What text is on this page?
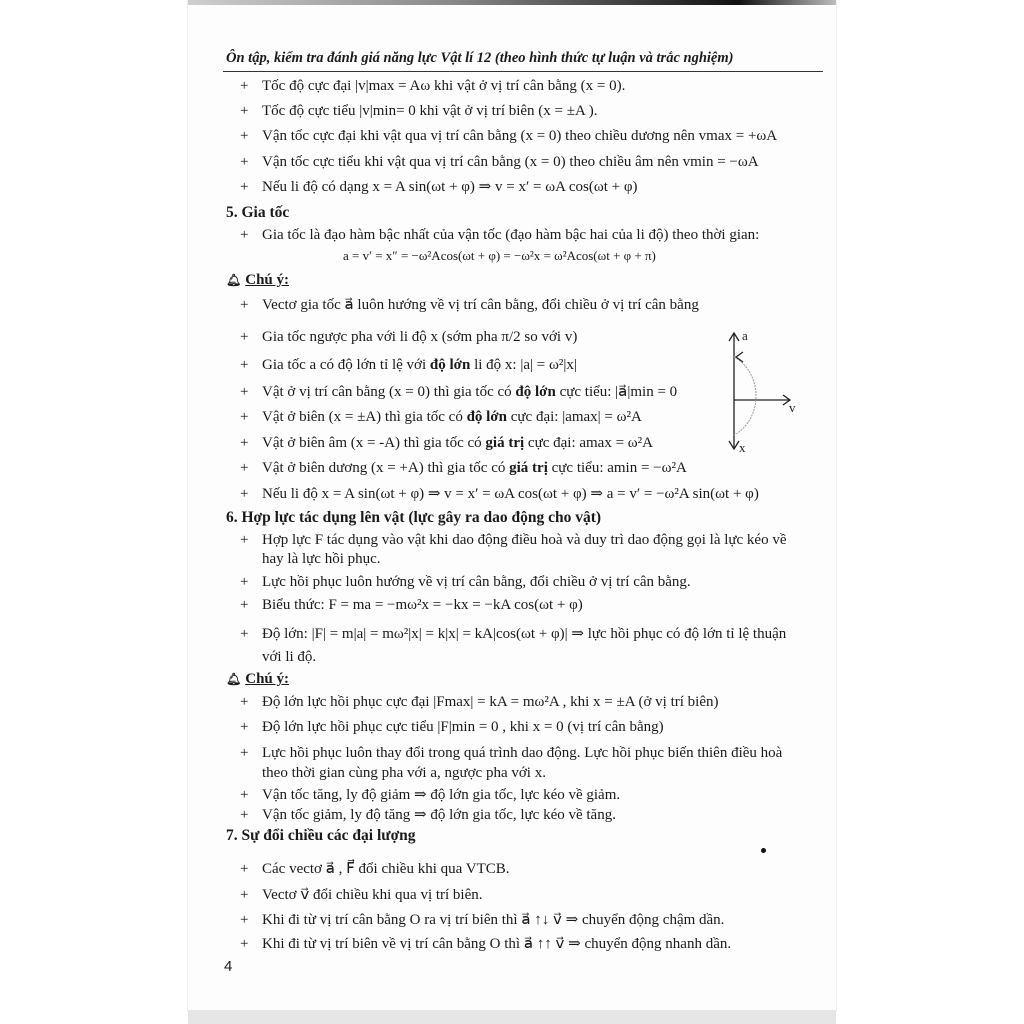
Ôn tập, kiểm tra đánh giá năng lực Vật lí 12 (theo hình thức tự luận và trắc nghiệm)
+ Tốc độ cực đại |v|max = Aω khi vật ở vị trí cân bằng (x = 0).
+ Tốc độ cực tiểu |v|min= 0 khi vật ở vị trí biên (x = ±A ).
+ Vận tốc cực đại khi vật qua vị trí cân bằng (x = 0) theo chiều dương nên vmax = +ωA
+ Vận tốc cực tiểu khi vật qua vị trí cân bằng (x = 0) theo chiều âm nên vmin = −ωA
+ Nếu li độ có dạng x = A sin(ωt + φ) ⇒ v = x′ = ωA cos(ωt + φ)
5. Gia tốc
+ Gia tốc là đạo hàm bậc nhất của vận tốc (đạo hàm bậc hai của li độ) theo thời gian:
a = v′ = x″ = −ω²Acos(ωt + φ) = −ω²x = ω²Acos(ωt + φ + π)
🔔︎ Chú ý:
+ Vectơ gia tốc a⃗ luôn hướng về vị trí cân bằng, đổi chiều ở vị trí cân bằng
+ Gia tốc ngược pha với li độ x (sớm pha π/2 so với v)
+ Gia tốc a có độ lớn tỉ lệ với độ lớn li độ x: |a| = ω²|x|
+ Vật ở vị trí cân bằng (x = 0) thì gia tốc có độ lớn cực tiểu: |a⃗|min = 0
+ Vật ở biên (x = ±A) thì gia tốc có độ lớn cực đại: |amax| = ω²A
+ Vật ở biên âm (x = -A) thì gia tốc có giá trị cực đại: amax = ω²A
+ Vật ở biên dương (x = +A) thì gia tốc có giá trị cực tiểu: amin = −ω²A
+ Nếu li độ x = A sin(ωt + φ) ⇒ v = x′ = ωA cos(ωt + φ) ⇒ a = v′ = −ω²A sin(ωt + φ)
a
v
x
6. Hợp lực tác dụng lên vật (lực gây ra dao động cho vật)
+ Hợp lực F tác dụng vào vật khi dao động điều hoà và duy trì dao động gọi là lực kéo về
hay là lực hồi phục.
+ Lực hồi phục luôn hướng về vị trí cân bằng, đổi chiều ở vị trí cân bằng.
+ Biểu thức: F = ma = −mω²x = −kx = −kA cos(ωt + φ)
+ Độ lớn: |F| = m|a| = mω²|x| = k|x| = kA|cos(ωt + φ)| ⇒ lực hồi phục có độ lớn tỉ lệ thuận
với li độ.
🔔︎ Chú ý:
+ Độ lớn lực hồi phục cực đại |Fmax| = kA = mω²A , khi x = ±A (ở vị trí biên)
+ Độ lớn lực hồi phục cực tiểu |F|min = 0 , khi x = 0 (vị trí cân bằng)
+ Lực hồi phục luôn thay đổi trong quá trình dao động. Lực hồi phục biến thiên điều hoà
theo thời gian cùng pha với a, ngược pha với x.
+ Vận tốc tăng, ly độ giảm ⇒ độ lớn gia tốc, lực kéo về giảm.
+ Vận tốc giảm, ly độ tăng ⇒ độ lớn gia tốc, lực kéo về tăng.
7. Sự đổi chiều các đại lượng
+ Các vectơ a⃗ , F⃗ đổi chiều khi qua VTCB.
+ Vectơ v⃗ đổi chiều khi qua vị trí biên.
+ Khi đi từ vị trí cân bằng O ra vị trí biên thì a⃗ ↑↓ v⃗ ⇒ chuyển động chậm dần.
+ Khi đi từ vị trí biên về vị trí cân bằng O thì a⃗ ↑↑ v⃗ ⇒ chuyển động nhanh dần.
4
